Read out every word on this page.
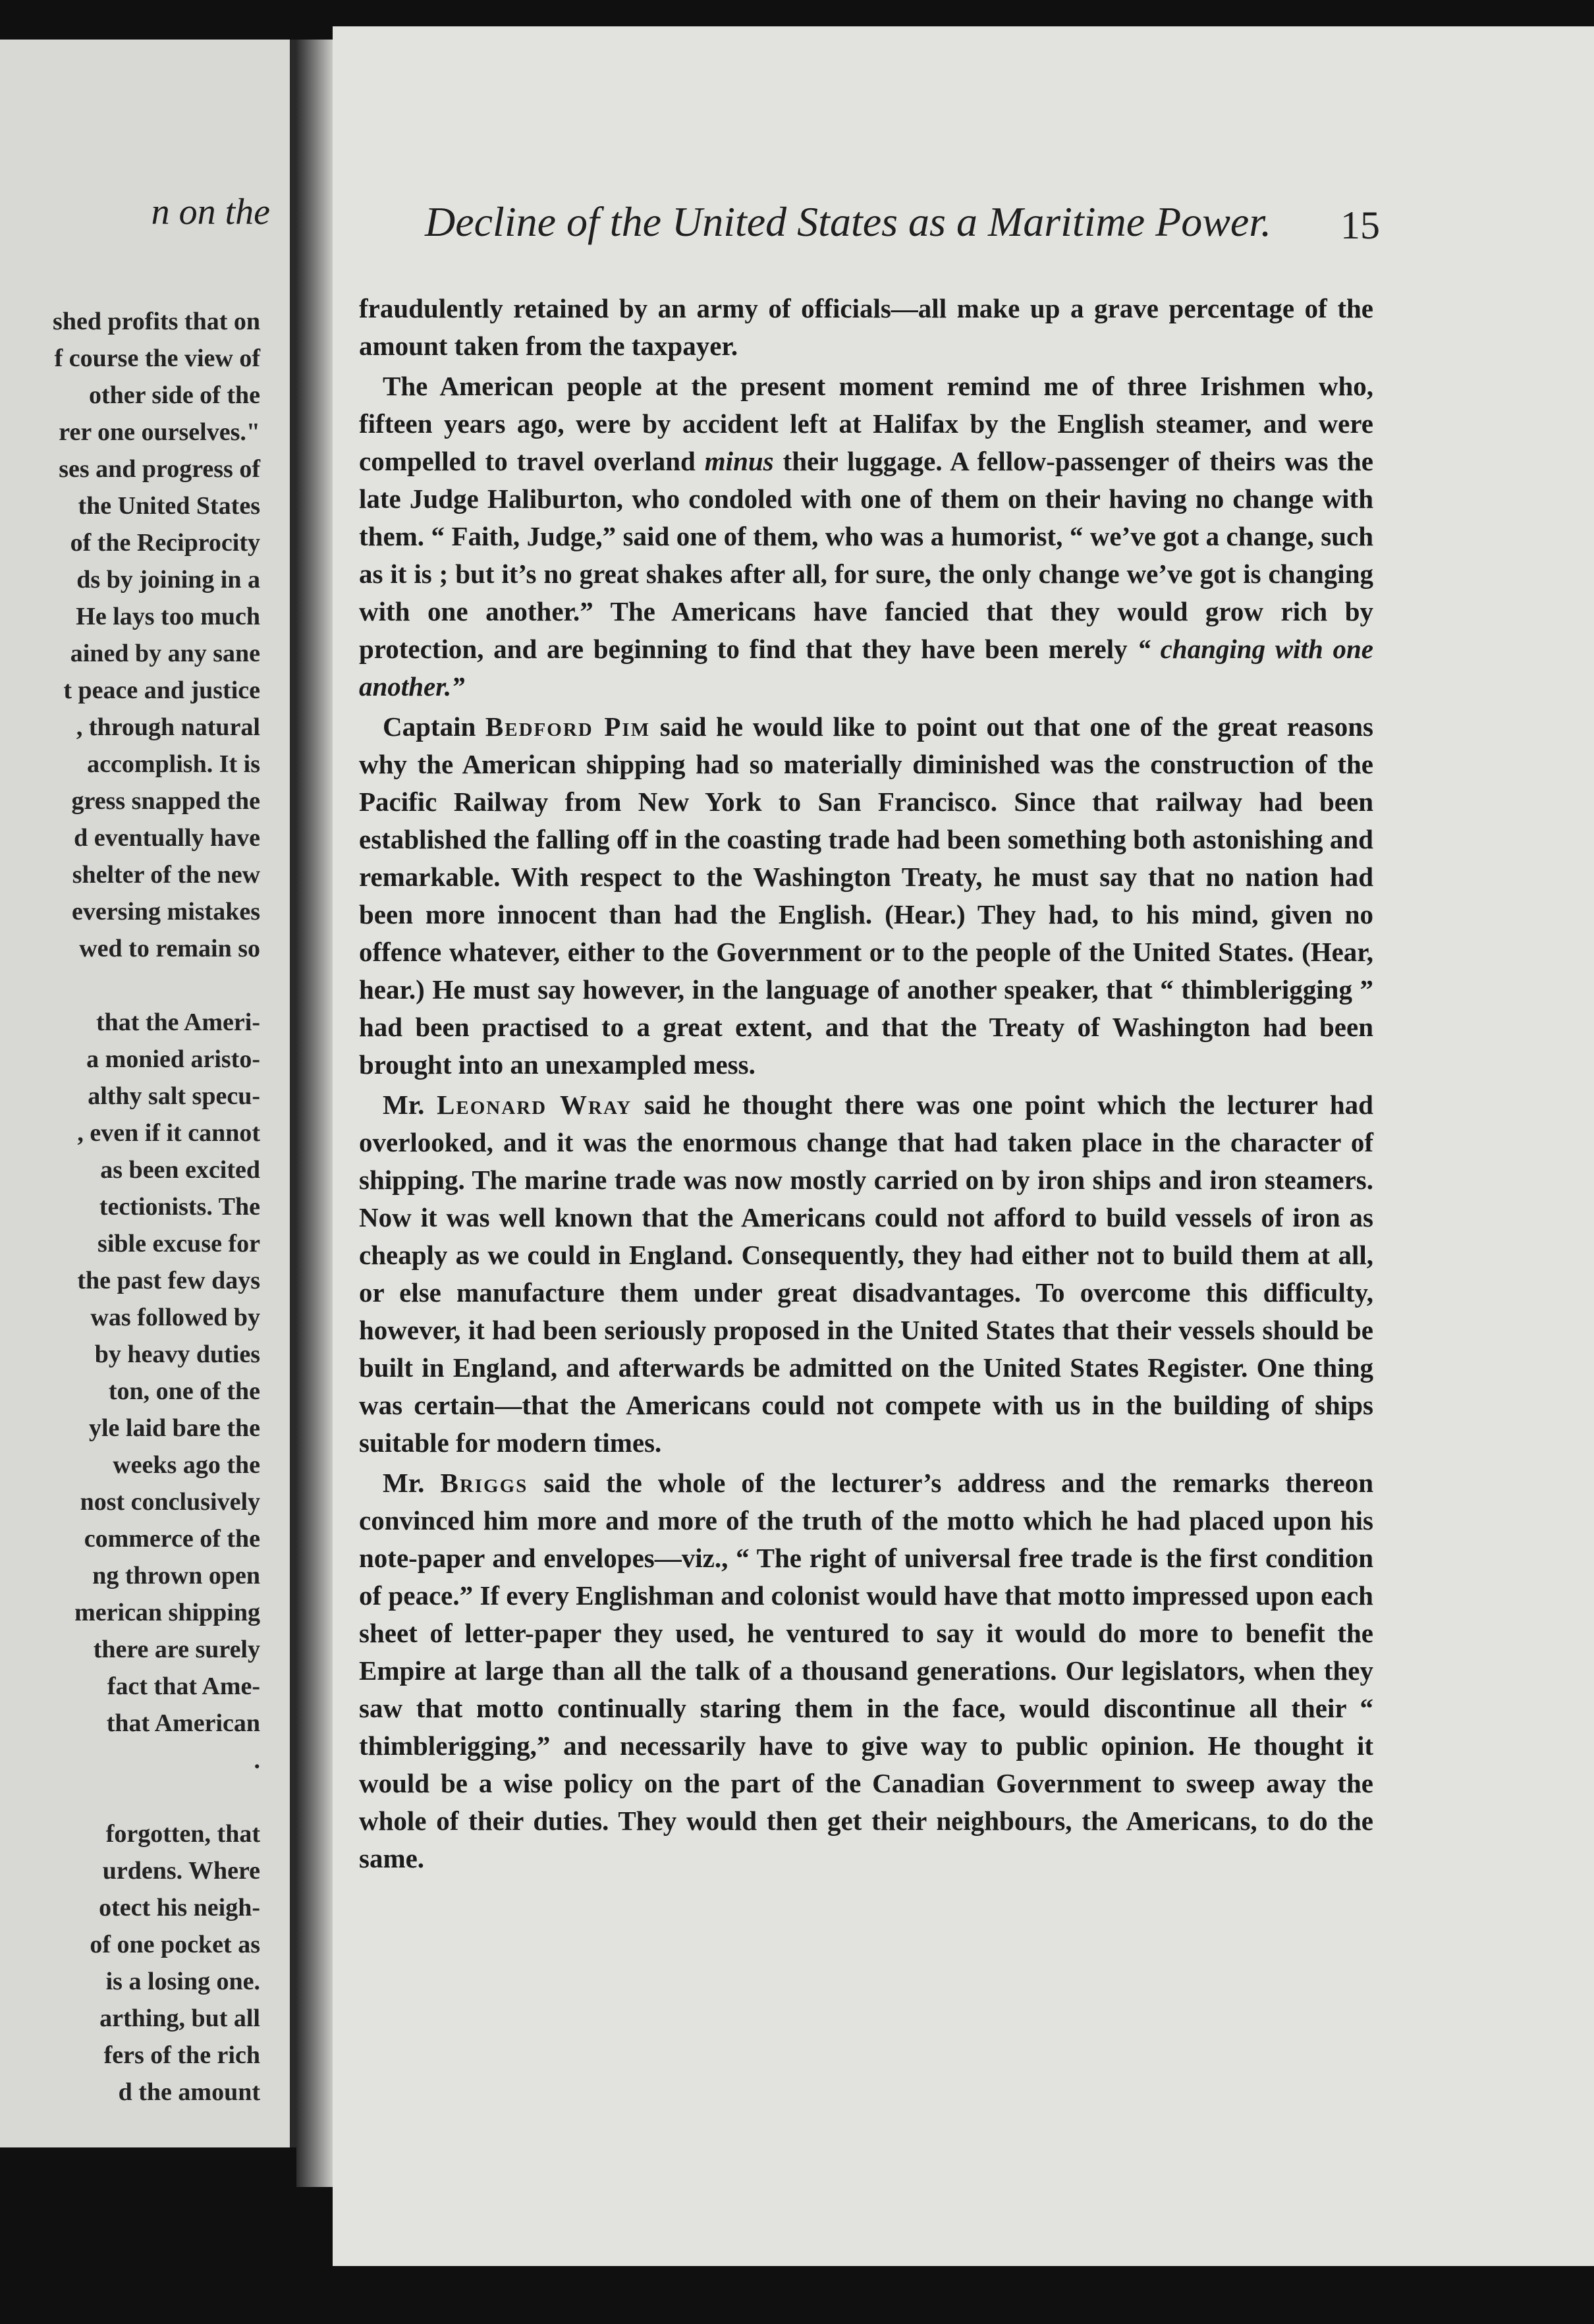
n on the
shed profits that on
f course the view of
other side of the
rer one ourselves."
ses and progress of
the United States
of the Reciprocity
ds by joining in a
He lays too much
ained by any sane
t peace and justice
, through natural
accomplish. It is
gress snapped the
d eventually have
shelter of the new
eversing mistakes
wed to remain so
that the Ameri-
a monied aristo-
althy salt specu-
, even if it cannot
as been excited
tectionists. The
sible excuse for
the past few days
was followed by
by heavy duties
ton, one of the
yle laid bare the
weeks ago the
nost conclusively
commerce of the
ng thrown open
merican shipping
there are surely
fact that Ame-
that American
.
forgotten, that
urdens. Where
otect his neigh-
of one pocket as
is a losing one.
arthing, but all
fers of the rich
d the amount
Decline of the United States as a Maritime Power. 15

fraudulently retained by an army of officials—all make up a grave percentage of the amount taken from the taxpayer.

The American people at the present moment remind me of three Irishmen who, fifteen years ago, were by accident left at Halifax by the English steamer, and were compelled to travel overland minus their luggage. A fellow-passenger of theirs was the late Judge Haliburton, who condoled with one of them on their having no change with them. “ Faith, Judge,” said one of them, who was a humorist, “ we’ve got a change, such as it is ; but it’s no great shakes after all, for sure, the only change we’ve got is changing with one another.” The Americans have fancied that they would grow rich by protection, and are beginning to find that they have been merely “ changing with one another.”

Captain Bedford Pim said he would like to point out that one of the great reasons why the American shipping had so materially diminished was the construction of the Pacific Railway from New York to San Francisco. Since that railway had been established the falling off in the coasting trade had been something both astonishing and remarkable. With respect to the Washington Treaty, he must say that no nation had been more innocent than had the English. (Hear.) They had, to his mind, given no offence whatever, either to the Government or to the people of the United States. (Hear, hear.) He must say however, in the language of another speaker, that “ thimblerigging ” had been practised to a great extent, and that the Treaty of Washington had been brought into an unexampled mess.

Mr. Leonard Wray said he thought there was one point which the lecturer had overlooked, and it was the enormous change that had taken place in the character of shipping. The marine trade was now mostly carried on by iron ships and iron steamers. Now it was well known that the Americans could not afford to build vessels of iron as cheaply as we could in England. Consequently, they had either not to build them at all, or else manufacture them under great disadvantages. To overcome this difficulty, however, it had been seriously proposed in the United States that their vessels should be built in England, and afterwards be admitted on the United States Register. One thing was certain—that the Americans could not compete with us in the building of ships suitable for modern times.

Mr. Briggs said the whole of the lecturer’s address and the remarks thereon convinced him more and more of the truth of the motto which he had placed upon his note-paper and envelopes—viz., “ The right of universal free trade is the first condition of peace.” If every Englishman and colonist would have that motto impressed upon each sheet of letter-paper they used, he ventured to say it would do more to benefit the Empire at large than all the talk of a thousand generations. Our legislators, when they saw that motto continually staring them in the face, would discontinue all their “ thimblerigging,” and necessarily have to give way to public opinion. He thought it would be a wise policy on the part of the Canadian Government to sweep away the whole of their duties. They would then get their neighbours, the Americans, to do the same.
